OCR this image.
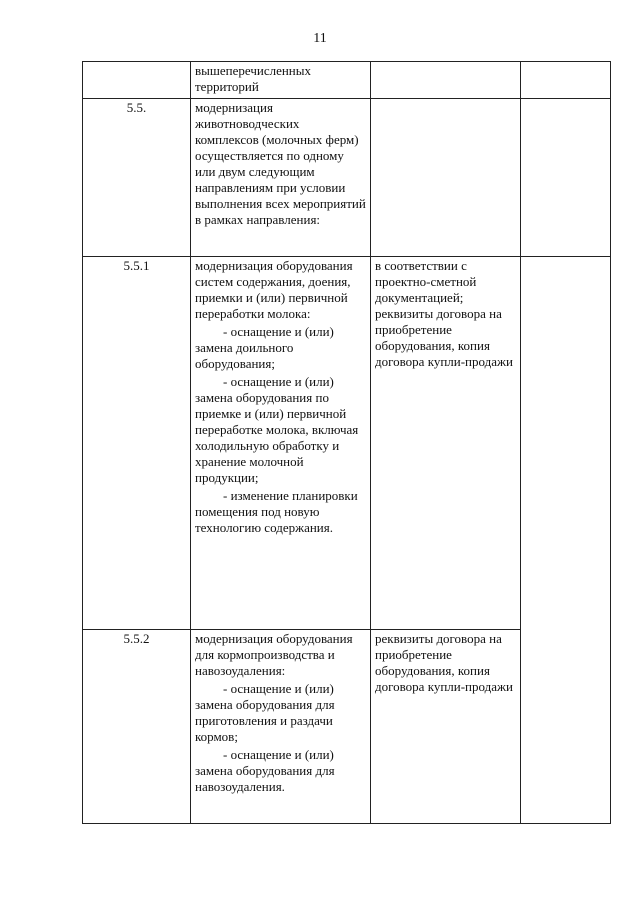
11

	вышеперечисленных территорий		

5.5.	модернизация животноводческих комплексов (молочных ферм) осуществляется по одному или двум следующим направлениям при условии выполнения всех мероприятий в рамках направления:		

5.5.1	модернизация оборудования систем содержания, доения, приемки и (или) первичной переработки молока:

- оснащение и (или) замена доильного оборудования;

- оснащение и (или) замена оборудования по приемке и (или) первичной переработке молока, включая холодильную обработку и хранение молочной продукции;

- изменение планировки помещения под новую технологию содержания.	в соответствии с проектно-сметной документацией; реквизиты договора на приобретение оборудования, копия договора купли-продажи	
5.5.2	модернизация оборудования для кормопроизводства и навозоудаления:

- оснащение и (или) замена оборудования для приготовления и раздачи кормов;

- оснащение и (или) замена оборудования для навозоудаления.	реквизиты договора на приобретение оборудования, копия договора купли-продажи	
